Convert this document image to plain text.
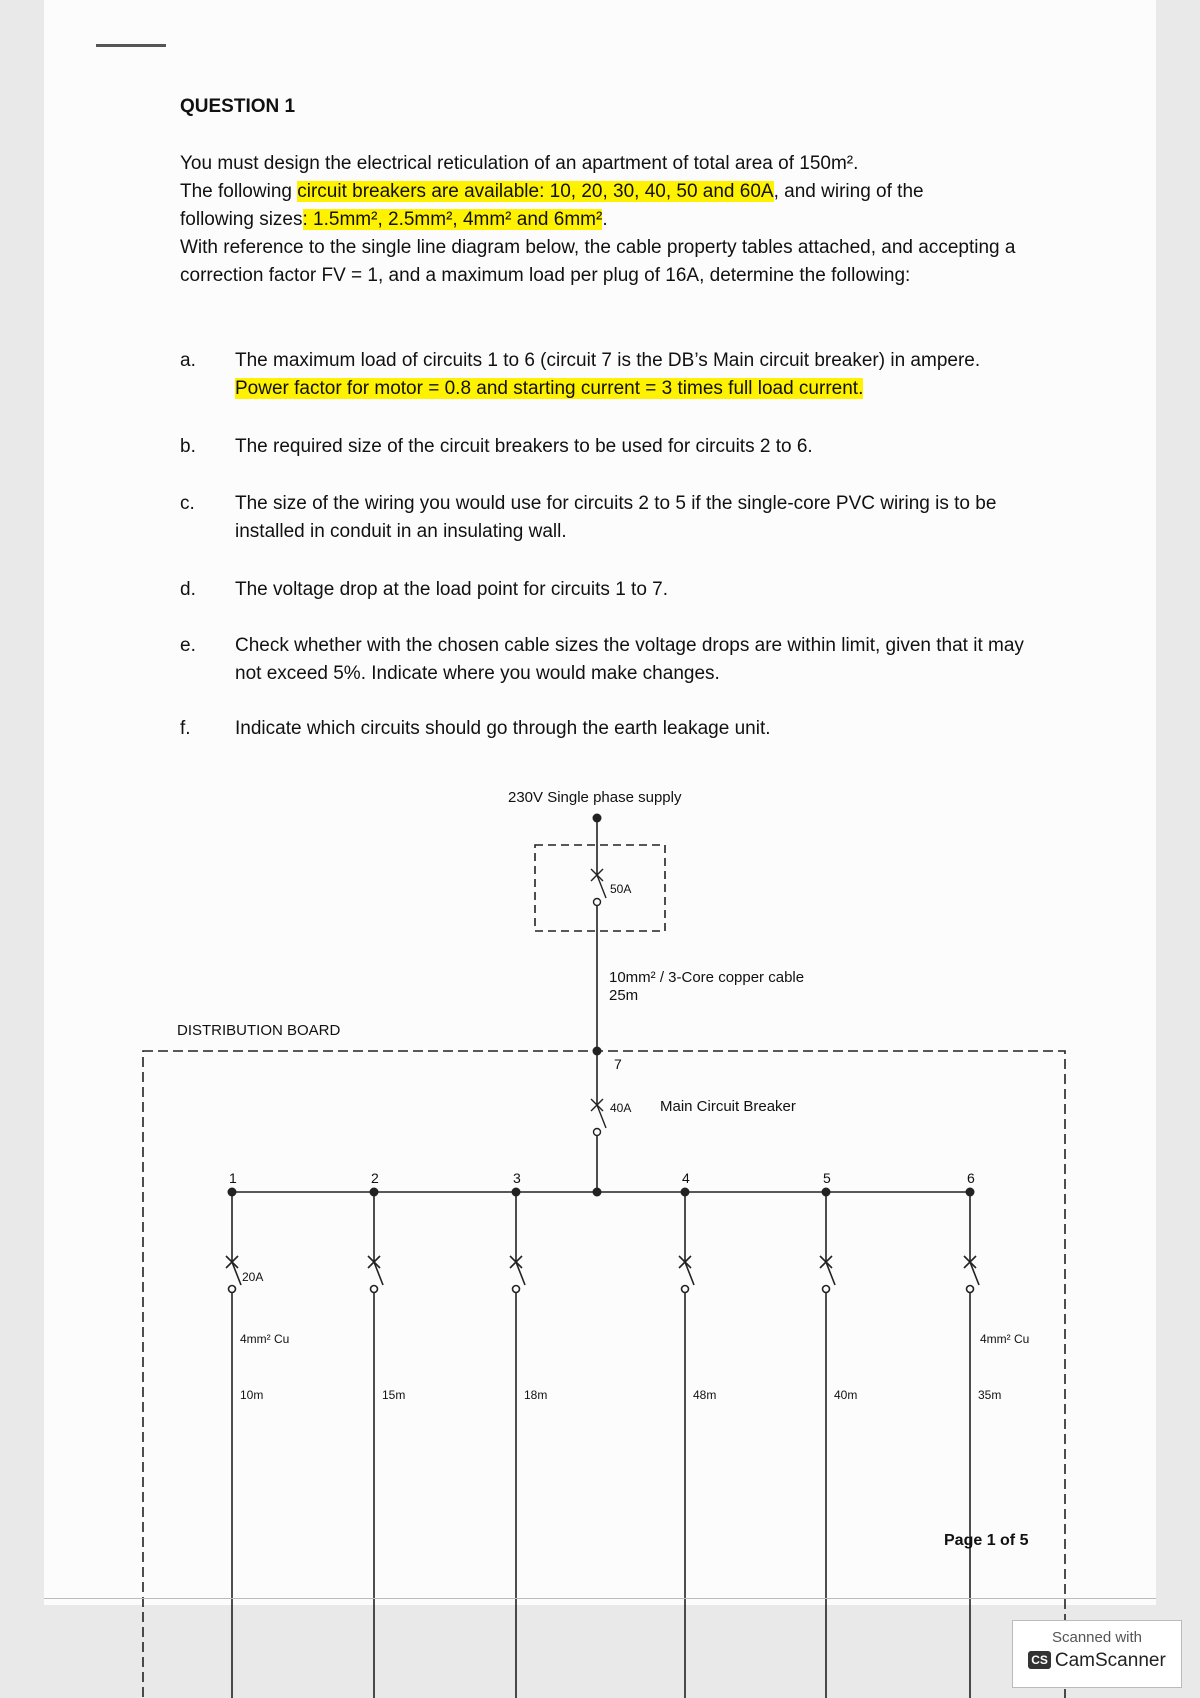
QUESTION 1
You must design the electrical reticulation of an apartment of total area of 150m².
The following circuit breakers are available: 10, 20, 30, 40, 50 and 60A, and wiring of the
following sizes: 1.5mm², 2.5mm², 4mm² and 6mm².
With reference to the single line diagram below, the cable property tables attached, and accepting a correction factor FV = 1, and a maximum load per plug of 16A, determine the following:
a. The maximum load of circuits 1 to 6 (circuit 7 is the DB’s Main circuit breaker) in ampere. Power factor for motor = 0.8 and starting current = 3 times full load current.
b. The required size of the circuit breakers to be used for circuits 2 to 6.
c. The size of the wiring you would use for circuits 2 to 5 if the single-core PVC wiring is to be installed in conduit in an insulating wall.
d. The voltage drop at the load point for circuits 1 to 7.
e. Check whether with the chosen cable sizes the voltage drops are within limit, given that it may not exceed 5%. Indicate where you would make changes.
f. Indicate which circuits should go through the earth leakage unit.
1
20A
4mm² Cu
10m
2
15m
3
18m
4
48m
5
40m
6
4mm² Cu
35m
230V Single phase supply
50A
10mm² / 3-Core copper cable
25m
DISTRIBUTION BOARD
7
40A Main Circuit Breaker
Page 1 of 5
Scanned with
CS CamScanner
